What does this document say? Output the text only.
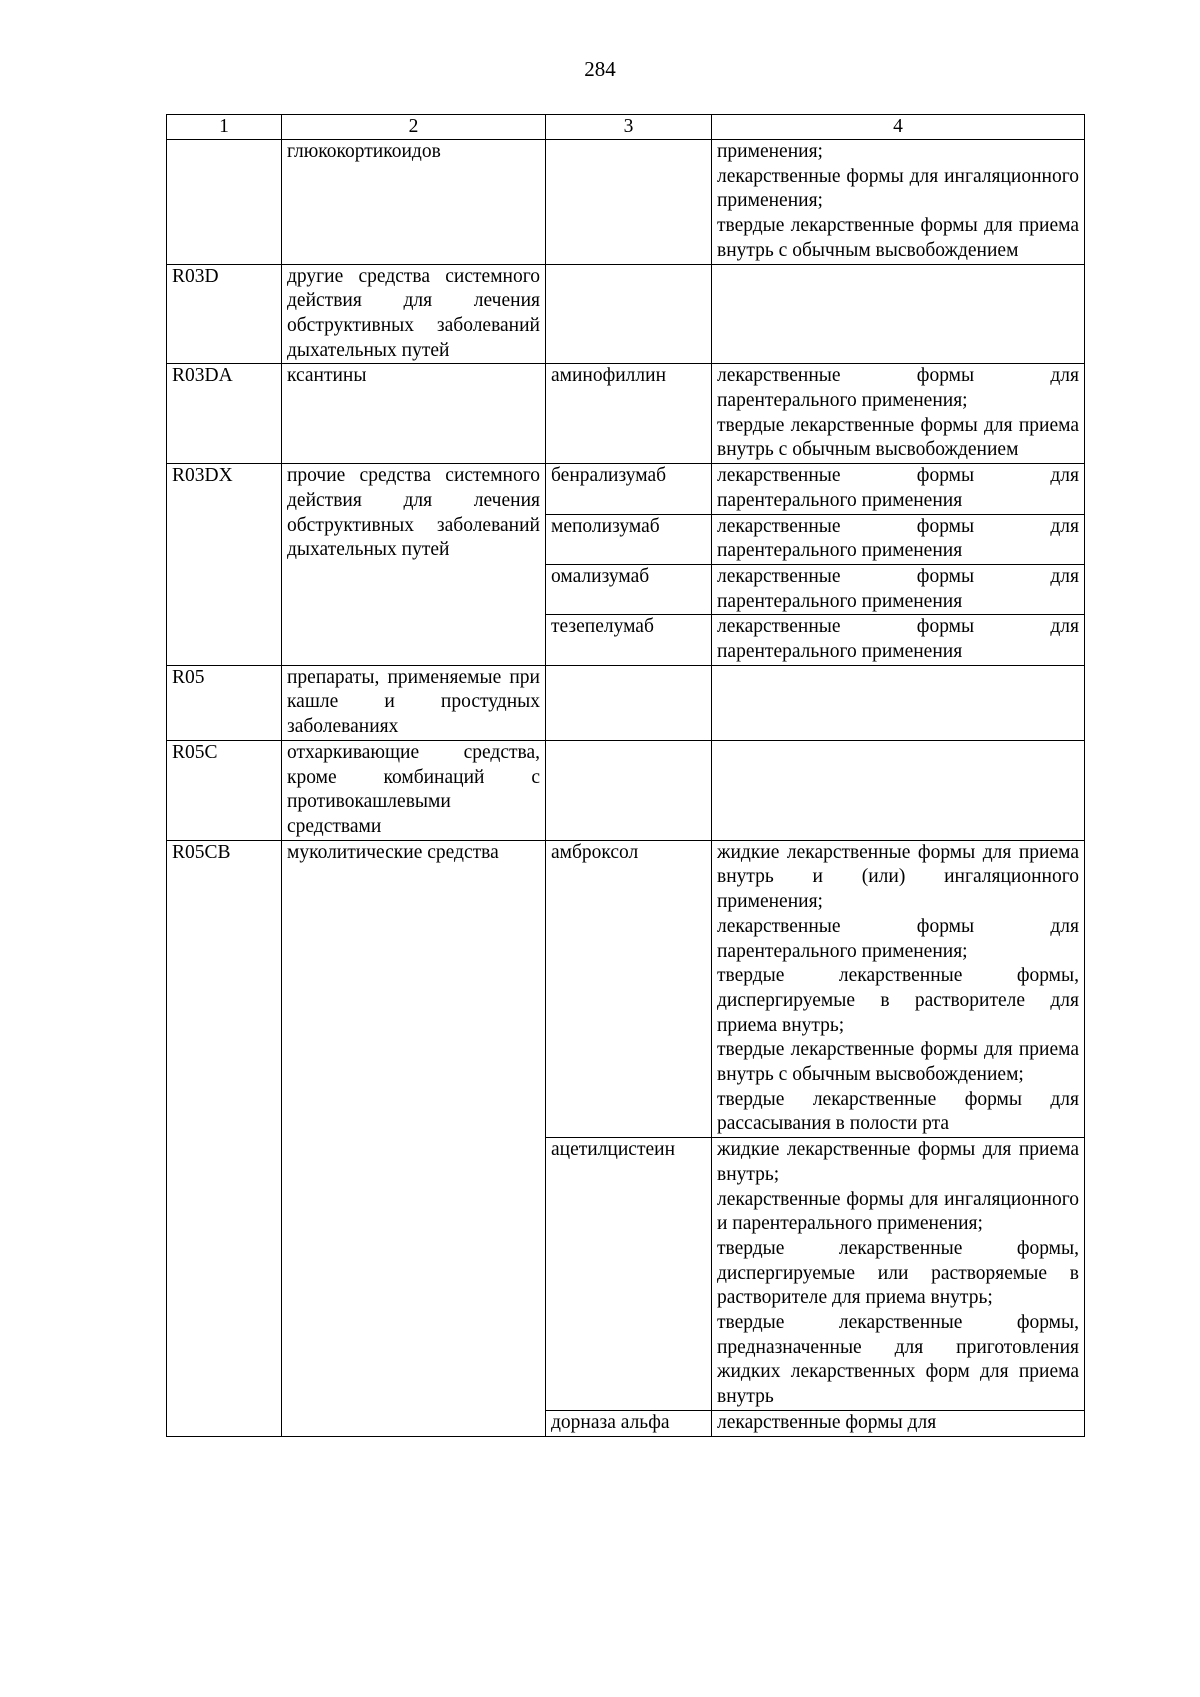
284
1	2	3	4
	глюкокортикоидов		применения;
лекарственные формы для ингаляционного применения;
твердые лекарственные формы для приема внутрь с обычным высвобождением

R03D	другие средства системного действия для лечения обструктивных заболеваний дыхательных путей		
R03DA	ксантины	аминофиллин	лекарственные формы для парентерального применения;
твердые лекарственные формы для приема внутрь с обычным высвобождением

R03DX	прочие средства системного действия для лечения обструктивных заболеваний дыхательных путей	бенрализумаб	лекарственные формы для парентерального применения

		меполизумаб	лекарственные формы для парентерального применения

		омализумаб	лекарственные формы для парентерального применения

		тезепелумаб	лекарственные формы для парентерального применения

R05	препараты, применяемые при кашле и простудных заболеваниях		
R05C	отхаркивающие средства, кроме комбинаций с противокашлевыми средствами		
R05CB	муколитические средства	амброксол	жидкие лекарственные формы для приема внутрь и (или) ингаляционного применения;
лекарственные формы для парентерального применения;
твердые лекарственные формы, диспергируемые в растворителе для приема внутрь;
твердые лекарственные формы для приема внутрь с обычным высвобождением;
твердые лекарственные формы для рассасывания в полости рта

		ацетилцистеин	жидкие лекарственные формы для приема внутрь;
лекарственные формы для ингаляционного и парентерального применения;
твердые лекарственные формы, диспергируемые или растворяемые в растворителе для приема внутрь;
твердые лекарственные формы, предназначенные для приготовления жидких лекарственных форм для приема внутрь

		дорназа альфа	лекарственные формы для
